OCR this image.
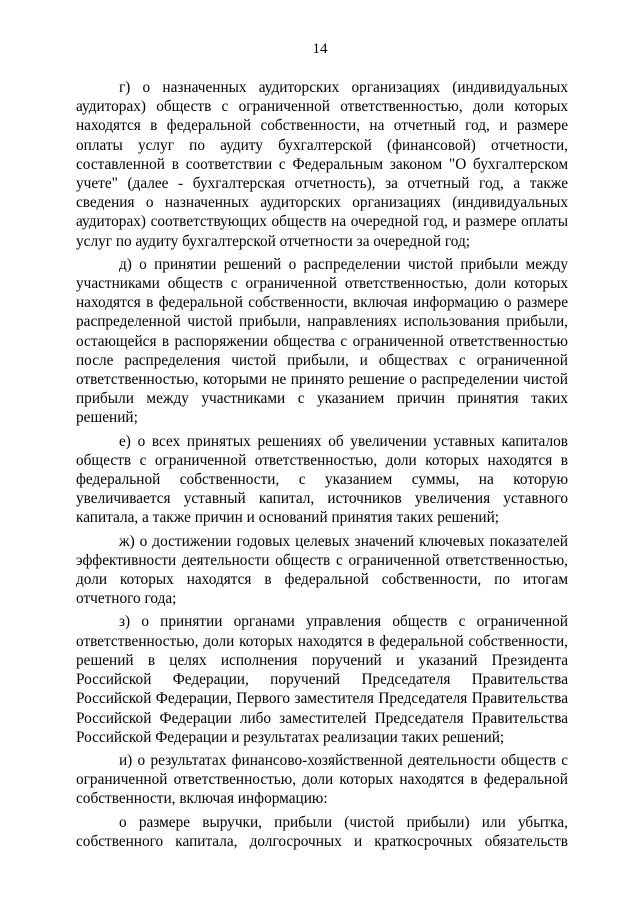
14

г) о назначенных аудиторских организациях (индивидуальных аудиторах) обществ с ограниченной ответственностью, доли которых находятся в федеральной собственности, на отчетный год, и размере оплаты услуг по аудиту бухгалтерской (финансовой) отчетности, составленной в соответствии с Федеральным законом "О бухгалтерском учете" (далее - бухгалтерская отчетность), за отчетный год, а также сведения о назначенных аудиторских организациях (индивидуальных аудиторах) соответствующих обществ на очередной год, и размере оплаты услуг по аудиту бухгалтерской отчетности за очередной год;

д) о принятии решений о распределении чистой прибыли между участниками обществ с ограниченной ответственностью, доли которых находятся в федеральной собственности, включая информацию о размере распределенной чистой прибыли, направлениях использования прибыли, остающейся в распоряжении общества с ограниченной ответственностью после распределения чистой прибыли, и обществах с ограниченной ответственностью, которыми не принято решение о распределении чистой прибыли между участниками с указанием причин принятия таких решений;

е) о всех принятых решениях об увеличении уставных капиталов обществ с ограниченной ответственностью, доли которых находятся в федеральной собственности, с указанием суммы, на которую увеличивается уставный капитал, источников увеличения уставного капитала, а также причин и оснований принятия таких решений;

ж) о достижении годовых целевых значений ключевых показателей эффективности деятельности обществ с ограниченной ответственностью, доли которых находятся в федеральной собственности, по итогам отчетного года;

з) о принятии органами управления обществ с ограниченной ответственностью, доли которых находятся в федеральной собственности, решений в целях исполнения поручений и указаний Президента Российской Федерации, поручений Председателя Правительства Российской Федерации, Первого заместителя Председателя Правительства Российской Федерации либо заместителей Председателя Правительства Российской Федерации и результатах реализации таких решений;

и) о результатах финансово-хозяйственной деятельности обществ с ограниченной ответственностью, доли которых находятся в федеральной собственности, включая информацию:

о размере выручки, прибыли (чистой прибыли) или убытка, собственного капитала, долгосрочных и краткосрочных обязательств
